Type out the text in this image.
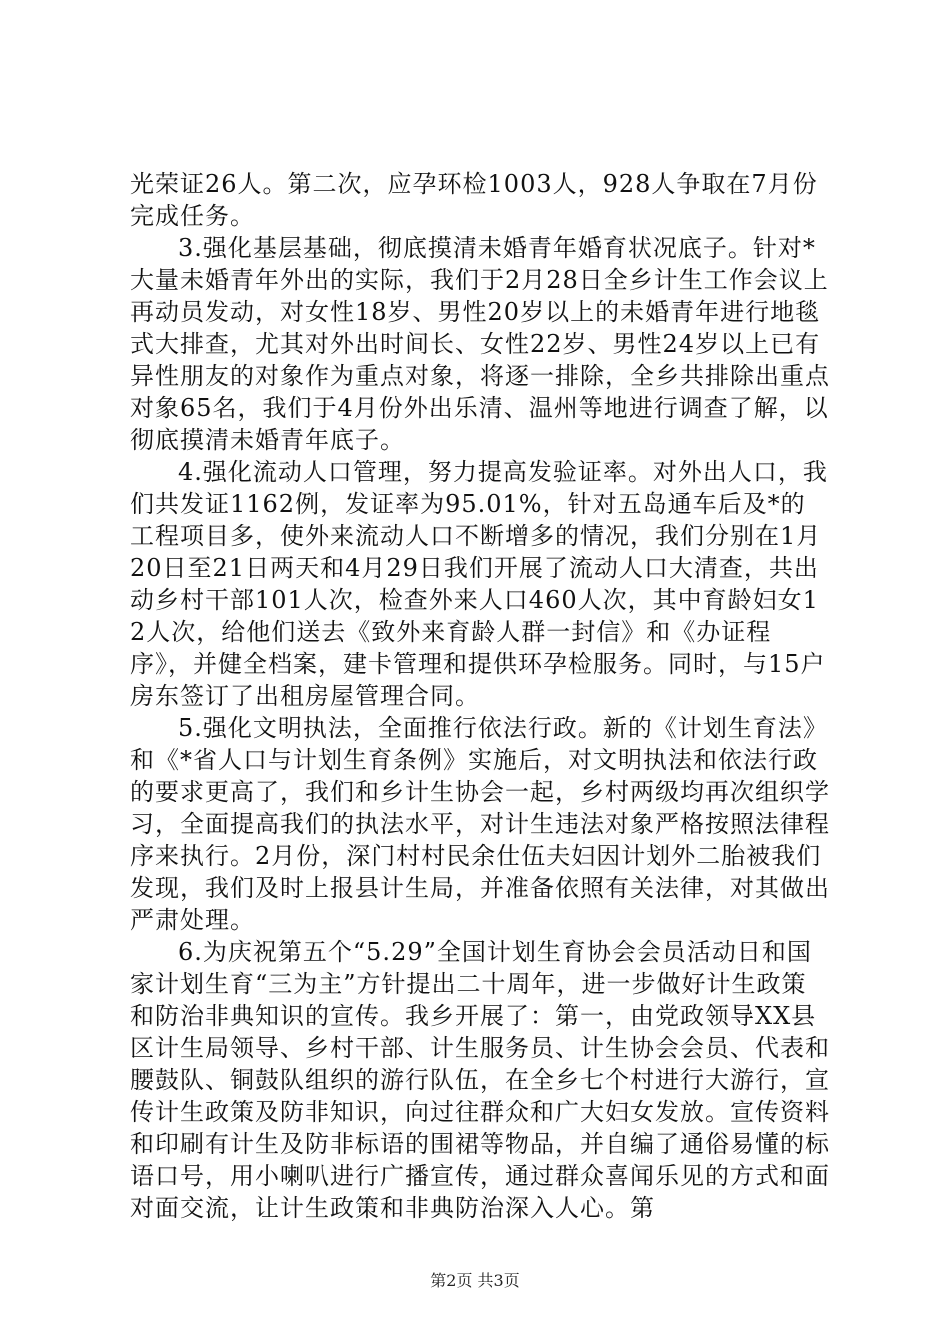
光荣证26人。第二次，应孕环检1003人，928人争取在7月份完成任务。

3.强化基层基础，彻底摸清未婚青年婚育状况底子。针对*大量未婚青年外出的实际，我们于2月28日全乡计生工作会议上再动员发动，对女性18岁、男性20岁以上的未婚青年进行地毯式大排查，尤其对外出时间长、女性22岁、男性24岁以上已有异性朋友的对象作为重点对象，将逐一排除，全乡共排除出重点对象65名，我们于4月份外出乐清、温州等地进行调查了解，以彻底摸清未婚青年底子。

4.强化流动人口管理，努力提高发验证率。对外出人口，我们共发证1162例，发证率为95.01%，针对五岛通车后及*的工程项目多，使外来流动人口不断增多的情况，我们分别在1月20日至21日两天和4月29日我们开展了流动人口大清查，共出动乡村干部101人次，检查外来人口460人次，其中育龄妇女12人次，给他们送去《致外来育龄人群一封信》和《办证程序》，并健全档案，建卡管理和提供环孕检服务。同时，与15户房东签订了出租房屋管理合同。

5.强化文明执法，全面推行依法行政。新的《计划生育法》和《*省人口与计划生育条例》实施后，对文明执法和依法行政的要求更高了，我们和乡计生协会一起，乡村两级均再次组织学习，全面提高我们的执法水平，对计生违法对象严格按照法律程序来执行。2月份，深门村村民余仕伍夫妇因计划外二胎被我们发现，我们及时上报县计生局，并准备依照有关法律，对其做出严肃处理。

6.为庆祝第五个“5.29”全国计划生育协会会员活动日和国家计划生育“三为主”方针提出二十周年，进一步做好计生政策和防治非典知识的宣传。我乡开展了：第一，由党政领导XX县区计生局领导、乡村干部、计生服务员、计生协会会员、代表和腰鼓队、铜鼓队组织的游行队伍，在全乡七个村进行大游行，宣传计生政策及防非知识，向过往群众和广大妇女发放。宣传资料和印刷有计生及防非标语的围裙等物品，并自编了通俗易懂的标语口号，用小喇叭进行广播宣传，通过群众喜闻乐见的方式和面对面交流，让计生政策和非典防治深入人心。第

第2页 共3页
